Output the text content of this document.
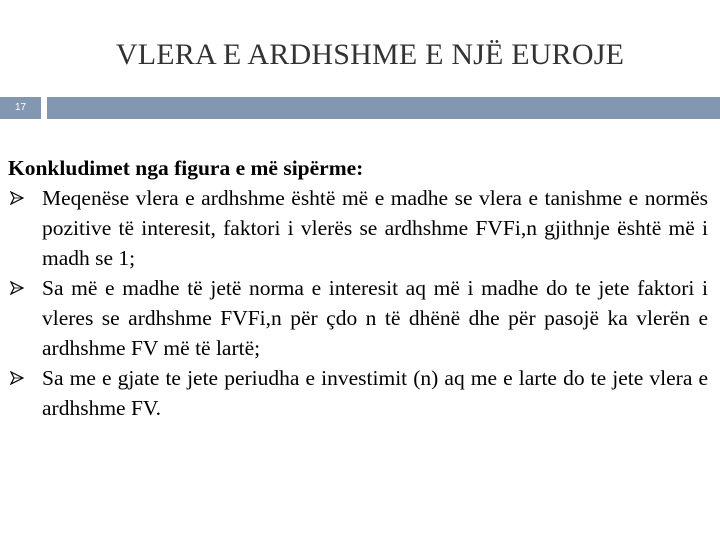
VLERA E ARDHSHME E NJË EUROJE
17
Konkludimet nga figura e më sipërme:
Meqenëse vlera e ardhshme është më e madhe se vlera e tanishme e normës pozitive të interesit, faktori i vlerës se ardhshme FVFi,n gjithnje është më i madh se 1;
Sa më e madhe të jetë norma e interesit aq më i madhe do te jete faktori i vleres se ardhshme FVFi,n për çdo n të dhënë dhe për pasojë ka vlerën e ardhshme FV më të lartë;
Sa me e gjate te jete periudha e investimit (n) aq me e larte do te jete vlera e ardhshme FV.
